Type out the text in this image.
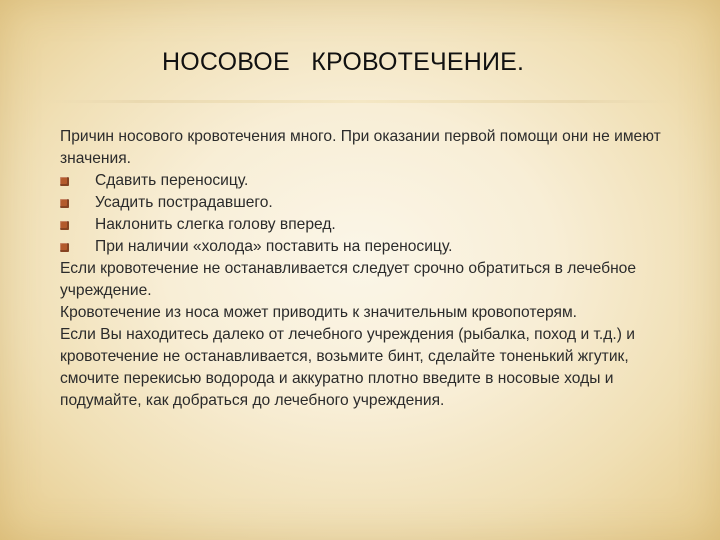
НОСОВОЕ   КРОВОТЕЧЕНИЕ.

Причин носового кровотечения много. При оказании первой помощи они не имеют значения.

Сдавить переносицу.
Усадить пострадавшего.
Наклонить слегка голову вперед.
При наличии «холода» поставить на переносицу.

Если кровотечение не останавливается следует срочно обратиться в лечебное учреждение.

Кровотечение из носа может приводить к значительным кровопотерям.

Если Вы находитесь далеко от лечебного учреждения (рыбалка, поход и т.д.) и кровотечение не останавливается, возьмите бинт, сделайте тоненький жгутик, смочите перекисью водорода и аккуратно плотно введите в носовые ходы и подумайте, как добраться до лечебного учреждения.
